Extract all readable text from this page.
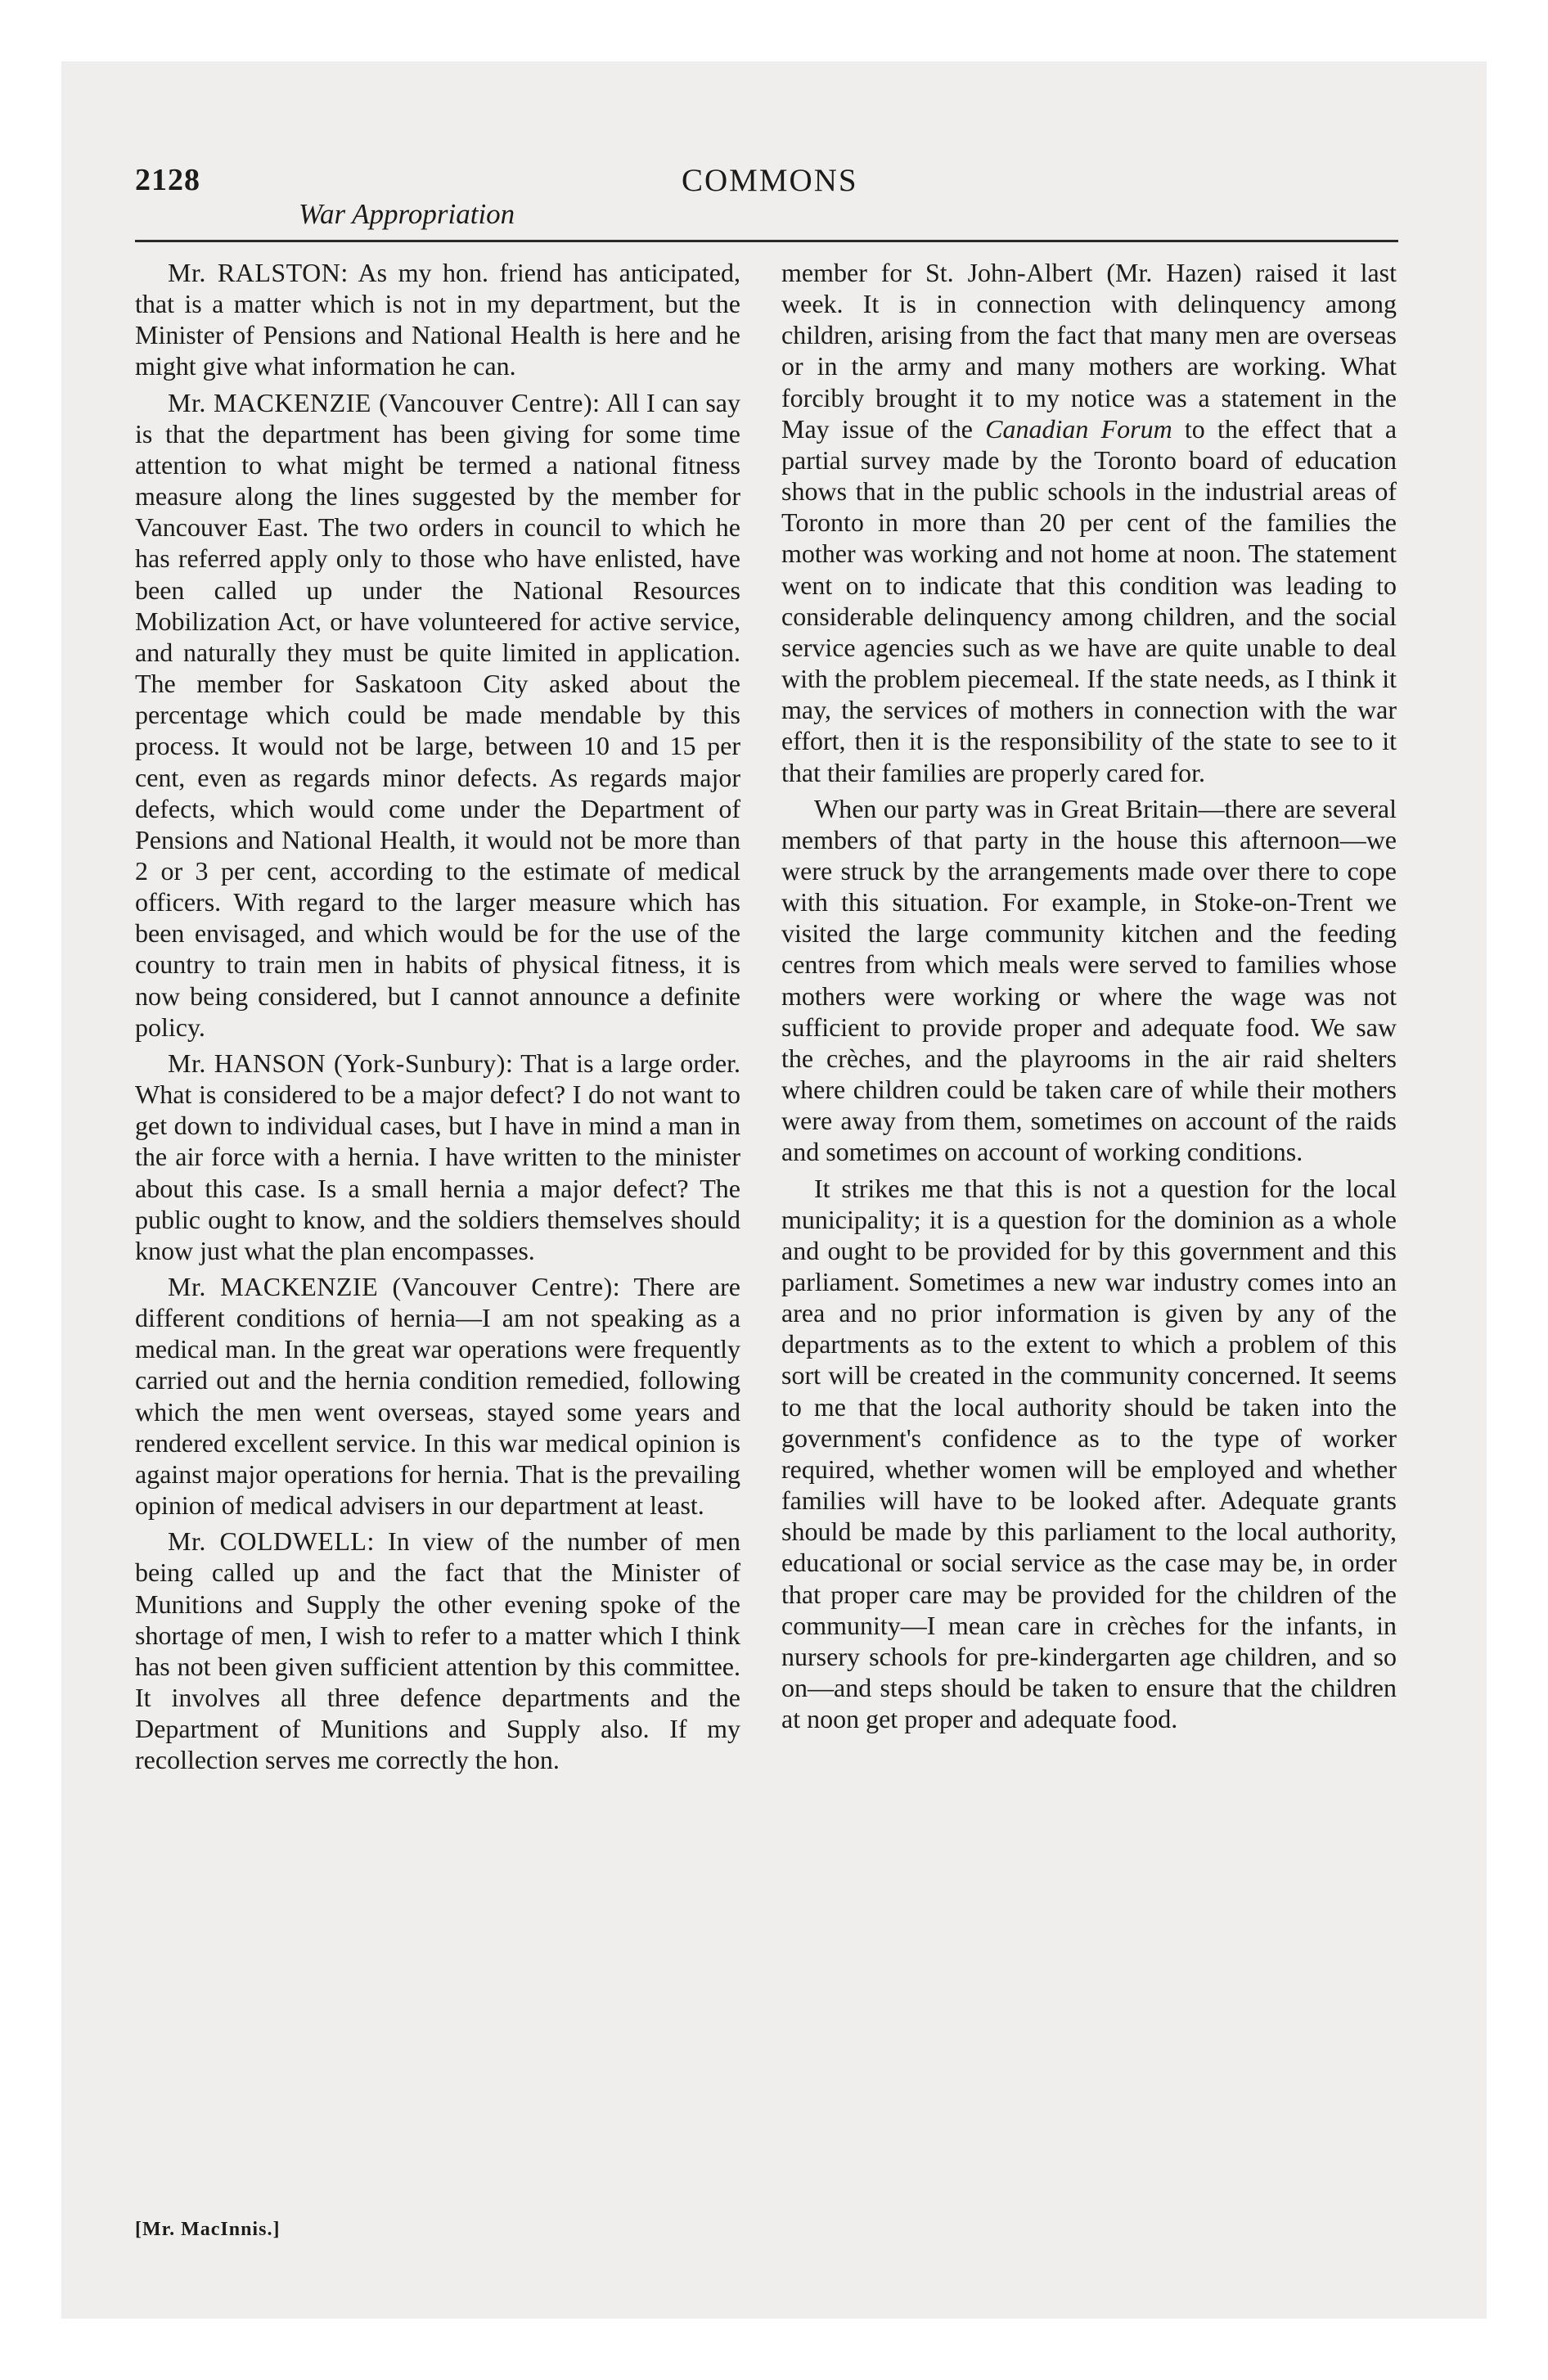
2128
War Appropriation
COMMONS

Mr. RALSTON: As my hon. friend has anticipated, that is a matter which is not in my department, but the Minister of Pensions and National Health is here and he might give what information he can.

Mr. MACKENZIE (Vancouver Centre): All I can say is that the department has been giving for some time attention to what might be termed a national fitness measure along the lines suggested by the member for Vancouver East. The two orders in council to which he has referred apply only to those who have enlisted, have been called up under the National Resources Mobilization Act, or have volunteered for active service, and naturally they must be quite limited in application. The member for Saskatoon City asked about the percentage which could be made mendable by this process. It would not be large, between 10 and 15 per cent, even as regards minor defects. As regards major defects, which would come under the Department of Pensions and National Health, it would not be more than 2 or 3 per cent, according to the estimate of medical officers. With regard to the larger measure which has been envisaged, and which would be for the use of the country to train men in habits of physical fitness, it is now being considered, but I cannot announce a definite policy.

Mr. HANSON (York-Sunbury): That is a large order. What is considered to be a major defect? I do not want to get down to individual cases, but I have in mind a man in the air force with a hernia. I have written to the minister about this case. Is a small hernia a major defect? The public ought to know, and the soldiers themselves should know just what the plan encompasses.

Mr. MACKENZIE (Vancouver Centre): There are different conditions of hernia—I am not speaking as a medical man. In the great war operations were frequently carried out and the hernia condition remedied, following which the men went overseas, stayed some years and rendered excellent service. In this war medical opinion is against major operations for hernia. That is the prevailing opinion of medical advisers in our department at least.

Mr. COLDWELL: In view of the number of men being called up and the fact that the Minister of Munitions and Supply the other evening spoke of the shortage of men, I wish to refer to a matter which I think has not been given sufficient attention by this committee. It involves all three defence departments and the Department of Munitions and Supply also. If my recollection serves me correctly the hon.

member for St. John-Albert (Mr. Hazen) raised it last week. It is in connection with delinquency among children, arising from the fact that many men are overseas or in the army and many mothers are working. What forcibly brought it to my notice was a statement in the May issue of the Canadian Forum to the effect that a partial survey made by the Toronto board of education shows that in the public schools in the industrial areas of Toronto in more than 20 per cent of the families the mother was working and not home at noon. The statement went on to indicate that this condition was leading to considerable delinquency among children, and the social service agencies such as we have are quite unable to deal with the problem piecemeal. If the state needs, as I think it may, the services of mothers in connection with the war effort, then it is the responsibility of the state to see to it that their families are properly cared for.

When our party was in Great Britain—there are several members of that party in the house this afternoon—we were struck by the arrangements made over there to cope with this situation. For example, in Stoke-on-Trent we visited the large community kitchen and the feeding centres from which meals were served to families whose mothers were working or where the wage was not sufficient to provide proper and adequate food. We saw the crèches, and the playrooms in the air raid shelters where children could be taken care of while their mothers were away from them, sometimes on account of the raids and sometimes on account of working conditions.

It strikes me that this is not a question for the local municipality; it is a question for the dominion as a whole and ought to be provided for by this government and this parliament. Sometimes a new war industry comes into an area and no prior information is given by any of the departments as to the extent to which a problem of this sort will be created in the community concerned. It seems to me that the local authority should be taken into the government's confidence as to the type of worker required, whether women will be employed and whether families will have to be looked after. Adequate grants should be made by this parliament to the local authority, educational or social service as the case may be, in order that proper care may be provided for the children of the community—I mean care in crèches for the infants, in nursery schools for pre-kindergarten age children, and so on—and steps should be taken to ensure that the children at noon get proper and adequate food.

[Mr. MacInnis.]
